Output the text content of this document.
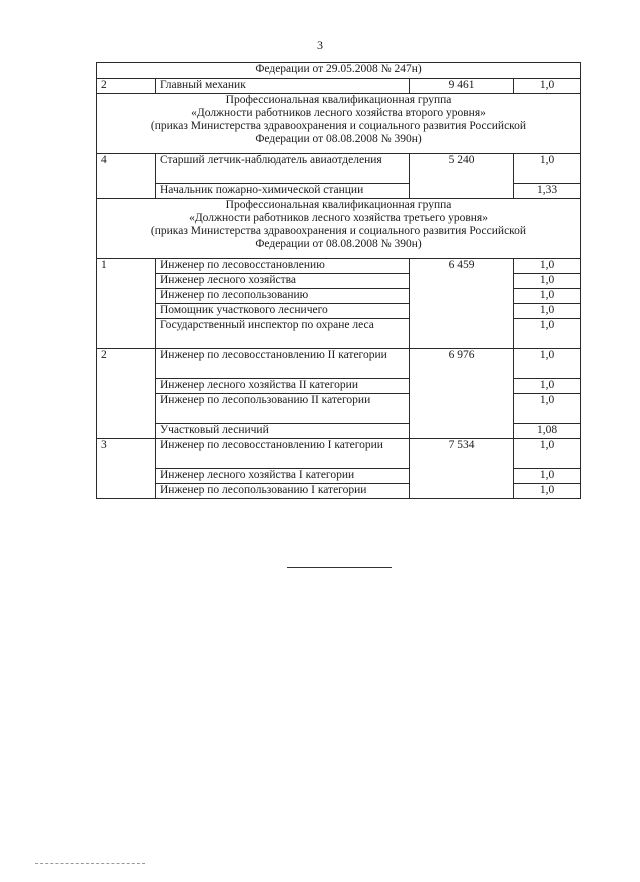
3
Федерации от 29.05.2008 № 247н)			
2	Главный механик	9 461	1,0

Профессиональная квалификационная группа
«Должности работников лесного хозяйства второго уровня»
(приказ Министерства здравоохранения и социального развития Российской
Федерации от 08.08.2008 № 390н)			

4	Старший летчик-наблюдатель авиаотделения	5 240	1,0
	Начальник пожарно-химической станции		1,33

Профессиональная квалификационная группа
«Должности работников лесного хозяйства третьего уровня»
(приказ Министерства здравоохранения и социального развития Российской
Федерации от 08.08.2008 № 390н)			

1	Инженер по лесовосстановлению	6 459	1,0
	Инженер лесного хозяйства		1,0
	Инженер по лесопользованию		1,0
	Помощник участкового лесничего		1,0
	Государственный инспектор по охране леса		1,0
2	Инженер по лесовосстановлению II категории	6 976	1,0
	Инженер лесного хозяйства II категории		1,0
	Инженер по лесопользованию II категории		1,0
	Участковый лесничий		1,08
3	Инженер по лесовосстановлению I категории	7 534	1,0
	Инженер лесного хозяйства I категории		1,0
	Инженер по лесопользованию I категории		1,0
